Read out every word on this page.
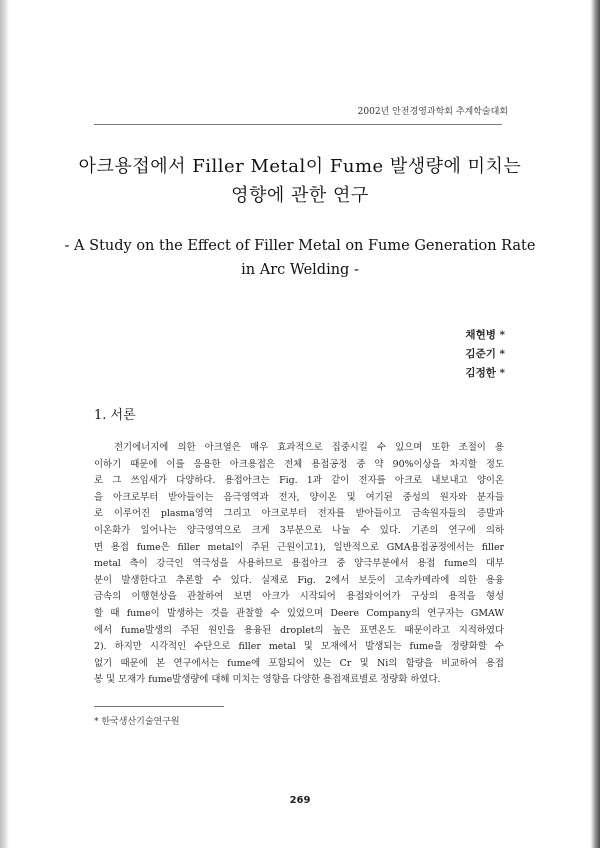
2002년 안전경영과학회 추계학술대회
아크용접에서 Filler Metal이 Fume 발생량에 미치는
영향에 관한 연구
- A Study on the Effect of Filler Metal on Fume Generation Rate
in Arc Welding -
채현병 *
김준기 *
김정한 *
1. 서론
전기에너지에 의한 아크열은 매우 효과적으로 집중시킬 수 있으며 또한 조절이 용
이하기 때문에 이를 응용한 아크용접은 전체 용접공정 중 약 90%이상을 차지할 정도
로 그 쓰임새가 다양하다. 용접아크는 Fig. 1과 같이 전자를 아크로 내보내고 양이온
을 아크로부터 받아들이는 음극영역과 전자, 양이온 및 여기된 중성의 원자와 분자들
로 이루어진 plasma영역 그리고 아크로부터 전자를 받아들이고 금속원자들의 증발과
이온화가 일어나는 양극영역으로 크게 3부분으로 나눌 수 있다. 기존의 연구에 의하
면 용접 fume은 filler metal이 주된 근원이고1), 일반적으로 GMA용접공정에서는 filler
metal 측이 강극인 역극성을 사용하므로 용접아크 중 양극부분에서 용접 fume의 대부
분이 발생한다고 추론할 수 있다. 실제로 Fig. 2에서 보듯이 고속카메라에 의한 용융
금속의 이행현상을 관찰하여 보면 아크가 시작되어 용접와이어가 구상의 용적을 형성
할 때 fume이 발생하는 것을 관찰할 수 있었으며 Deere Company의 연구자는 GMAW
에서 fume발생의 주된 원인을 용융된 droplet의 높은 표면온도 때문이라고 지적하였다
2). 하지만 시각적인 수단으로 filler metal 및 모재에서 발생되는 fume을 정량화할 수
없기 때문에 본 연구에서는 fume에 포함되어 있는 Cr 및 Ni의 함량을 비교하여 용접
봉 및 모재가 fume발생량에 대해 미치는 영향을 다양한 용접재료별로 정량화 하였다.
* 한국생산기술연구원
269
